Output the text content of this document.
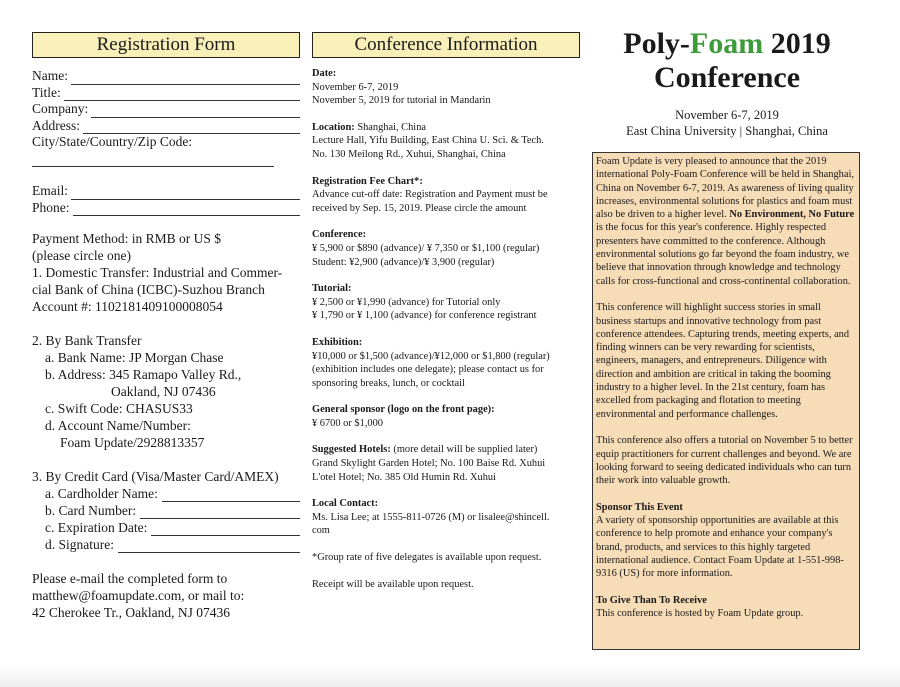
Registration Form
Name:
Title:
Company:
Address:
City/State/Country/Zip Code:
Email:
Phone:

Payment Method: in RMB or US $

(please circle one)

1. Domestic Transfer: Industrial and Commer-

cial Bank of China (ICBC)-Suzhou Branch

Account #: 1102181409100008054

2. By Bank Transfer

a. Bank Name: JP Morgan Chase

b. Address: 345 Ramapo Valley Rd.,

Oakland, NJ 07436

c. Swift Code: CHASUS33

d. Account Name/Number:

Foam Update/2928813357

3. By Credit Card (Visa/Master Card/AMEX)

a. Cardholder Name:
b. Card Number:
c. Expiration Date:
d. Signature:

Please e-mail the completed form to

matthew@foamupdate.com, or mail to:

42 Cherokee Tr., Oakland, NJ 07436

Conference Information

Date:

November 6-7, 2019

November 5, 2019 for tutorial in Mandarin

Location: Shanghai, China

Lecture Hall, Yifu Building, East China U. Sci. & Tech.

No. 130 Meilong Rd., Xuhui, Shanghai, China

Registration Fee Chart*:

Advance cut-off date: Registration and Payment must be

received by Sep. 15, 2019. Please circle the amount

Conference:

¥ 5,900 or $890 (advance)/ ¥ 7,350 or $1,100 (regular)

Student: ¥2,900 (advance)/¥ 3,900 (regular)

Tutorial:

¥ 2,500 or ¥1,990 (advance) for Tutorial only

¥ 1,790 or ¥ 1,100 (advance) for conference registrant

Exhibition:

¥10,000 or $1,500 (advance)/¥12,000 or $1,800 (regular)

(exhibition includes one delegate); please contact us for

sponsoring breaks, lunch, or cocktail

General sponsor (logo on the front page):

¥ 6700 or $1,000

Suggested Hotels: (more detail will be supplied later)

Grand Skylight Garden Hotel; No. 100 Baise Rd. Xuhui

L'otel Hotel; No. 385 Old Humin Rd. Xuhui

Local Contact:

Ms. Lisa Lee; at 1555-811-0726 (M) or lisalee@shincell.

com

*Group rate of five delegates is available upon request.

Receipt will be available upon request.

Poly-Foam 2019
Conference
November 6-7, 2019
East China University | Shanghai, China

Foam Update is very pleased to announce that the 2019 international Poly-Foam Conference will be held in Shanghai, China on November 6-7, 2019. As awareness of living quality increases, environmental solutions for plastics and foam must also be driven to a higher level. No Environment, No Future is the focus for this year's conference. Highly respected presenters have committed to the conference. Although environmental solutions go far beyond the foam industry, we believe that innovation through knowledge and technology calls for cross-functional and cross-continental collaboration.

This conference will highlight success stories in small business startups and innovative technology from past conference attendees. Capturing trends, meeting experts, and finding winners can be very rewarding for scientists, engineers, managers, and entrepreneurs. Diligence with direction and ambition are critical in taking the booming industry to a higher level. In the 21st century, foam has excelled from packaging and flotation to meeting environmental and performance challenges.

This conference also offers a tutorial on November 5 to better equip practitioners for current challenges and beyond. We are looking forward to seeing dedicated individuals who can turn their work into valuable growth.

Sponsor This Event
A variety of sponsorship opportunities are available at this conference to help promote and enhance your company's brand, products, and services to this highly targeted international audience. Contact Foam Update at 1-551-998-9316 (US) for more information.

To Give Than To Receive
This conference is hosted by Foam Update group.
